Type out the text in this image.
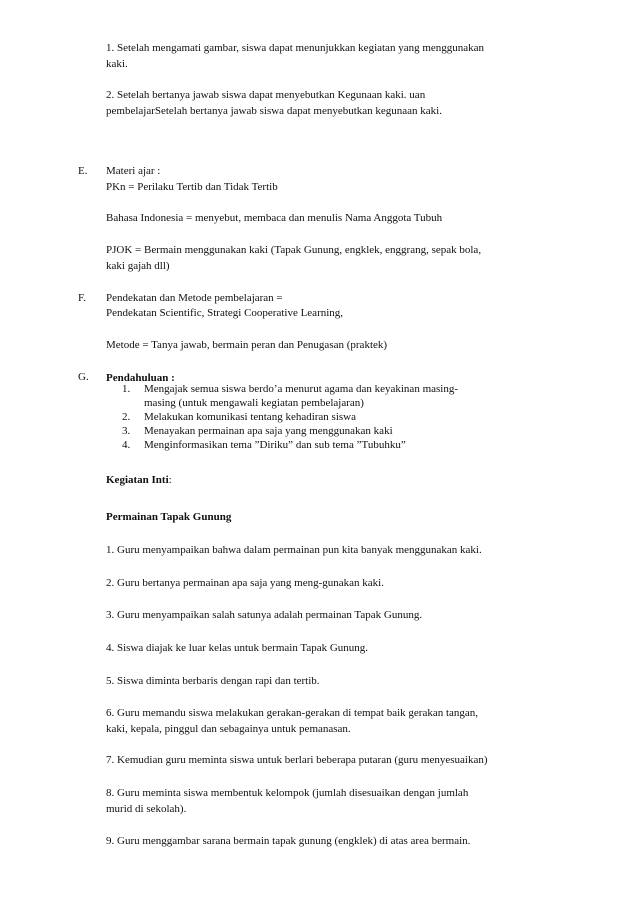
1. Setelah mengamati gambar, siswa dapat menunjukkan kegiatan yang menggunakan
kaki.
2. Setelah bertanya jawab siswa dapat menyebutkan Kegunaan kaki. uan
pembelajarSetelah bertanya jawab siswa dapat menyebutkan kegunaan kaki.
E. Materi ajar :
PKn = Perilaku Tertib dan Tidak Tertib
Bahasa Indonesia = menyebut, membaca dan menulis Nama Anggota Tubuh
PJOK = Bermain menggunakan kaki (Tapak Gunung, engklek, enggrang, sepak bola,
kaki gajah dll)
F. Pendekatan dan Metode pembelajaran =
Pendekatan Scientific, Strategi Cooperative Learning,
Metode = Tanya jawab, bermain peran dan Penugasan (praktek)
G. Pendahuluan :
1.	Mengajak semua siswa berdo’a menurut agama dan keyakinan masing-
masing (untuk mengawali kegiatan pembelajaran)
2.	Melakukan komunikasi tentang kehadiran siswa
3.	Menayakan permainan apa saja yang menggunakan kaki
4.	Menginformasikan tema ”Diriku” dan sub tema ”Tubuhku”
Kegiatan Inti:
Permainan Tapak Gunung
1. Guru menyampaikan bahwa dalam permainan pun kita banyak menggunakan kaki.
2. Guru bertanya permainan apa saja yang meng-gunakan kaki.
3. Guru menyampaikan salah satunya adalah permainan Tapak Gunung.
4. Siswa diajak ke luar kelas untuk bermain Tapak Gunung.
5. Siswa diminta berbaris dengan rapi dan tertib.
6. Guru memandu siswa melakukan gerakan-gerakan di tempat baik gerakan tangan,
kaki, kepala, pinggul dan sebagainya untuk pemanasan.
7. Kemudian guru meminta siswa untuk berlari beberapa putaran (guru menyesuaikan)
8. Guru meminta siswa membentuk kelompok (jumlah disesuaikan dengan jumlah
murid di sekolah).
9. Guru menggambar sarana bermain tapak gunung (engklek) di atas area bermain.
